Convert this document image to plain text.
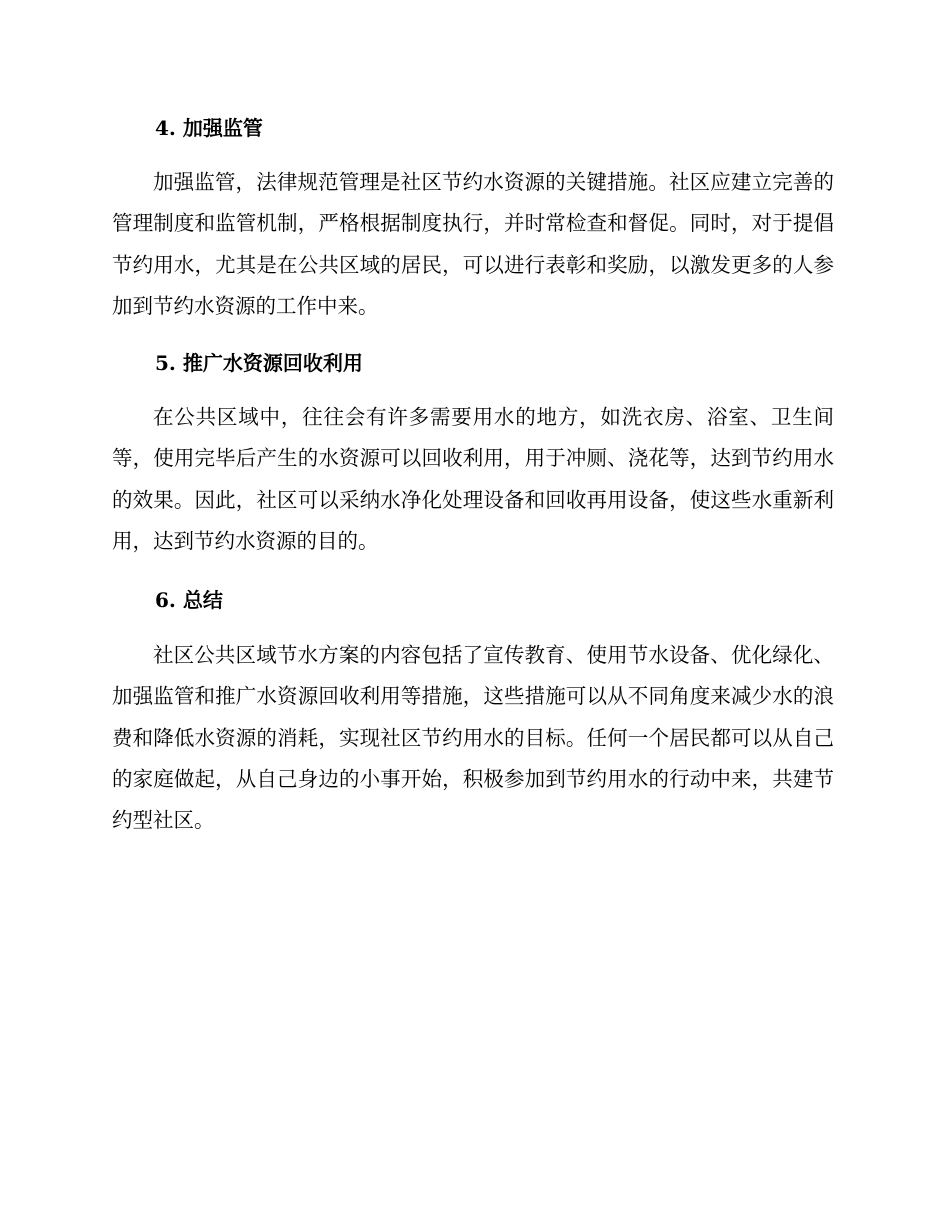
4. 加强监管

加强监管，法律规范管理是社区节约水资源的关键措施。社区应建立完善的管理制度和监管机制，严格根据制度执行，并时常检查和督促。同时，对于提倡节约用水，尤其是在公共区域的居民，可以进行表彰和奖励，以激发更多的人参加到节约水资源的工作中来。

5. 推广水资源回收利用

在公共区域中，往往会有许多需要用水的地方，如洗衣房、浴室、卫生间等，使用完毕后产生的水资源可以回收利用，用于冲厕、浇花等，达到节约用水的效果。因此，社区可以采纳水净化处理设备和回收再用设备，使这些水重新利用，达到节约水资源的目的。

6. 总结

社区公共区域节水方案的内容包括了宣传教育、使用节水设备、优化绿化、加强监管和推广水资源回收利用等措施，这些措施可以从不同角度来减少水的浪费和降低水资源的消耗，实现社区节约用水的目标。任何一个居民都可以从自己的家庭做起，从自己身边的小事开始，积极参加到节约用水的行动中来，共建节约型社区。
